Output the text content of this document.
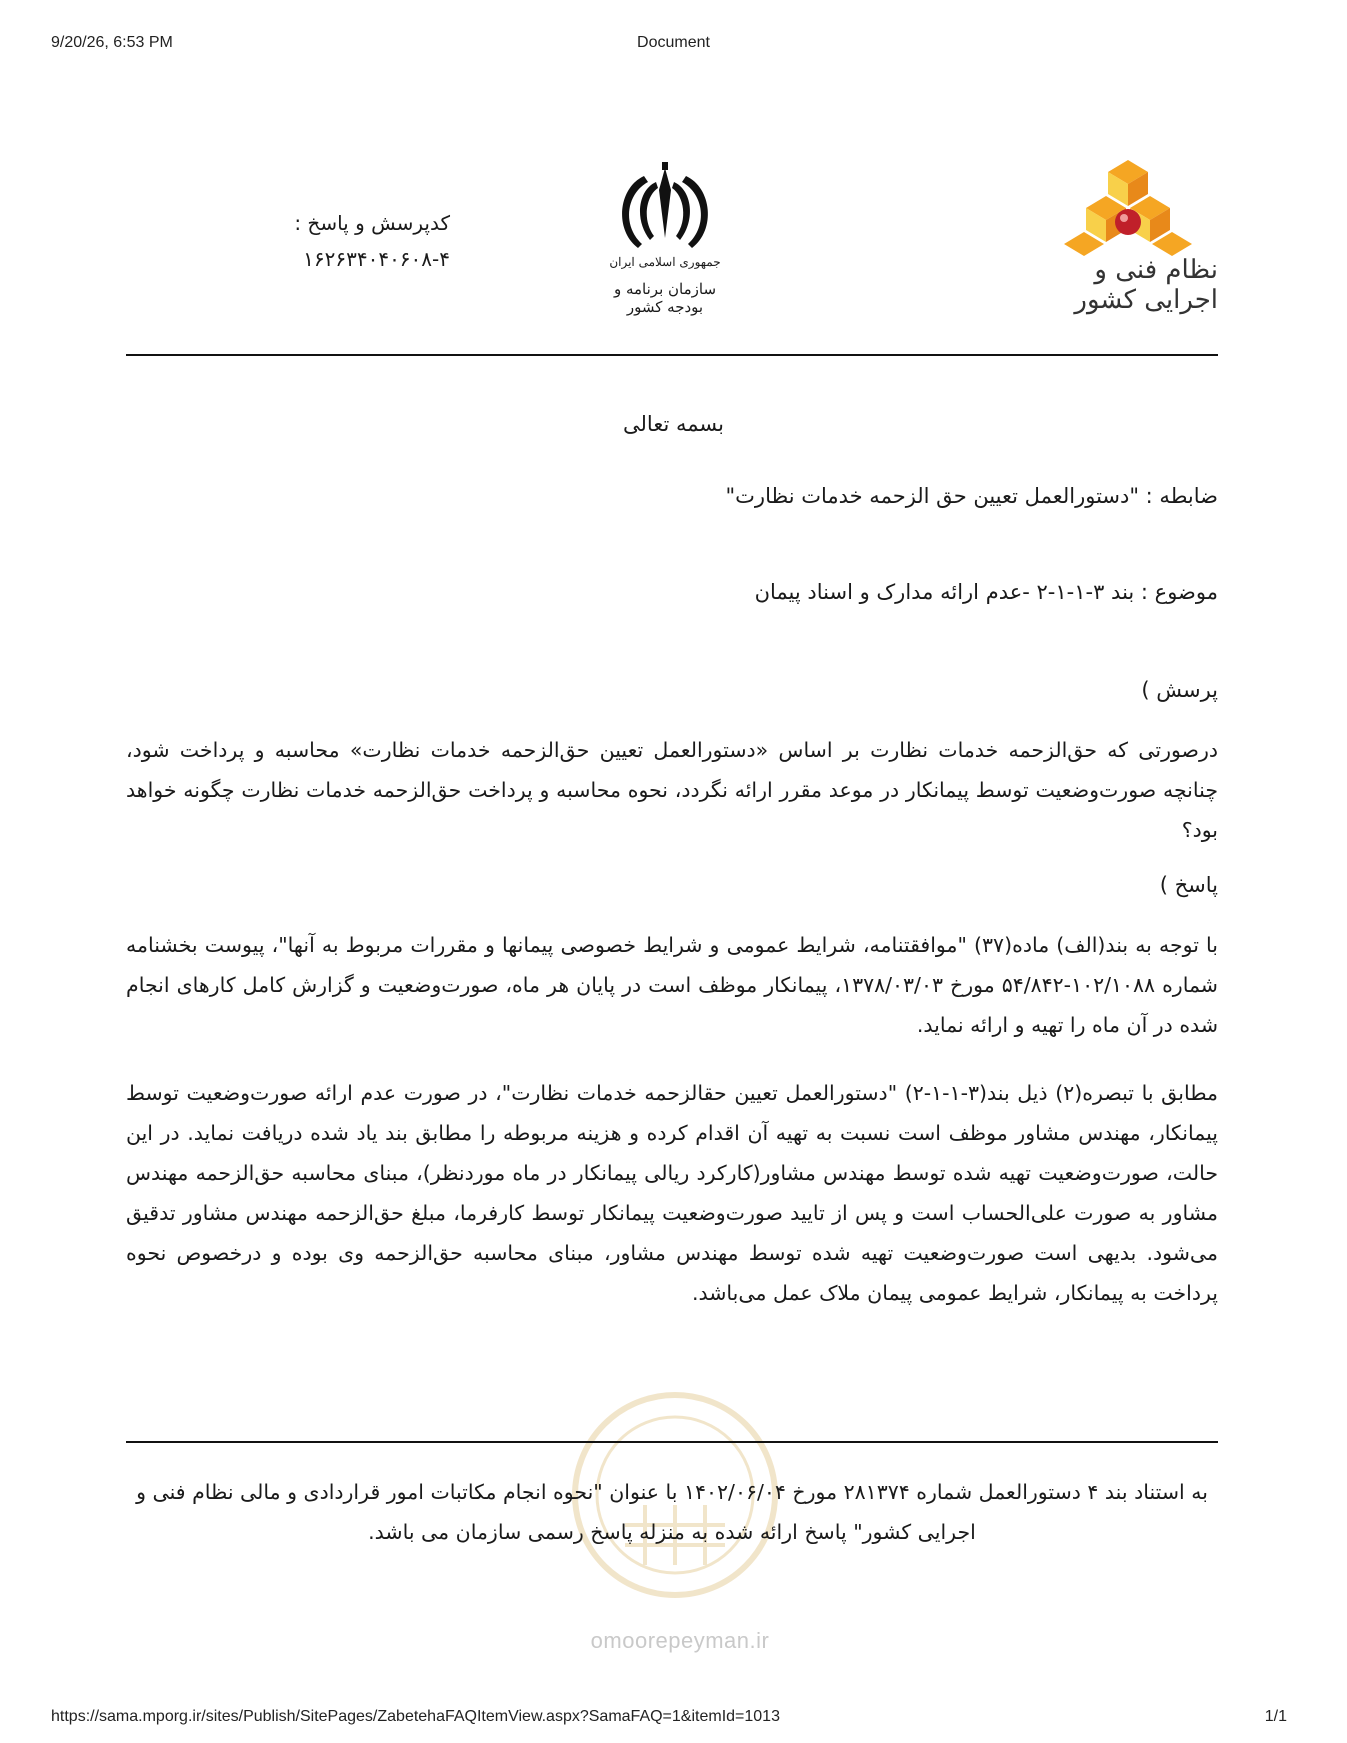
9/20/26, 6:53 PM	Document
نظام فنی و اجرایی کشور
جمهوری اسلامی ایران
سازمان برنامه و بودجه کشور
کدپرسش و پاسخ :
۱۶۲۶۳۴۰۴۰۶۰۸-۴
بسمه تعالی
ضابطه : "دستورالعمل تعیین حق الزحمه خدمات نظارت"
موضوع : بند ۳-۱-۱-۲ -عدم ارائه مدارک و اسناد پیمان
پرسش )
درصورتی که حق‌الزحمه خدمات نظارت بر اساس «دستورالعمل تعیین حق‌الزحمه خدمات نظارت» محاسبه و پرداخت شود، چنانچه صورت‌وضعیت توسط پیمانکار در موعد مقرر ارائه نگردد، نحوه محاسبه و پرداخت حق‌الزحمه خدمات نظارت چگونه خواهد بود؟
پاسخ )
با توجه به بند(الف) ماده(۳۷) "موافقتنامه، شرایط عمومی و شرایط خصوصی پیمانها و مقررات مربوط به آنها"، پیوست بخشنامه شماره ۱۰۲/۱۰۸۸-۵۴/۸۴۲ مورخ ۱۳۷۸/۰۳/۰۳، پیمانکار موظف است در پایان هر ماه، صورت‌وضعیت و گزارش کامل کارهای انجام شده در آن ماه را تهیه و ارائه نماید.
مطابق با تبصره(۲) ذیل بند(۳-۱-۱-۲) "دستورالعمل تعیین حقالزحمه خدمات نظارت"، در صورت عدم ارائه صورت‌وضعیت توسط پیمانکار، مهندس مشاور موظف است نسبت به تهیه آن اقدام کرده و هزینه مربوطه را مطابق بند یاد شده دریافت نماید. در این حالت، صورت‌وضعیت تهیه شده توسط مهندس مشاور(کارکرد ریالی پیمانکار در ماه موردنظر)، مبنای محاسبه حق‌الزحمه مهندس مشاور به صورت علی‌الحساب است و پس از تایید صورت‌وضعیت پیمانکار توسط کارفرما، مبلغ حق‌الزحمه مهندس مشاور تدقیق می‌شود. بدیهی است صورت‌وضعیت تهیه شده توسط مهندس مشاور، مبنای محاسبه حق‌الزحمه وی بوده و درخصوص نحوه پرداخت به پیمانکار، شرایط عمومی پیمان ملاک عمل می‌باشد.
omoorepeyman.ir
به استناد بند ۴ دستورالعمل شماره ۲۸۱۳۷۴ مورخ ۱۴۰۲/۰۶/۰۴ با عنوان "نحوه انجام مکاتبات امور قراردادی و مالی نظام فنی و اجرایی کشور" پاسخ ارائه شده به منزله پاسخ رسمی سازمان می باشد.
https://sama.mporg.ir/sites/Publish/SitePages/ZabetehaFAQItemView.aspx?SamaFAQ=1&itemId=1013	1/1
